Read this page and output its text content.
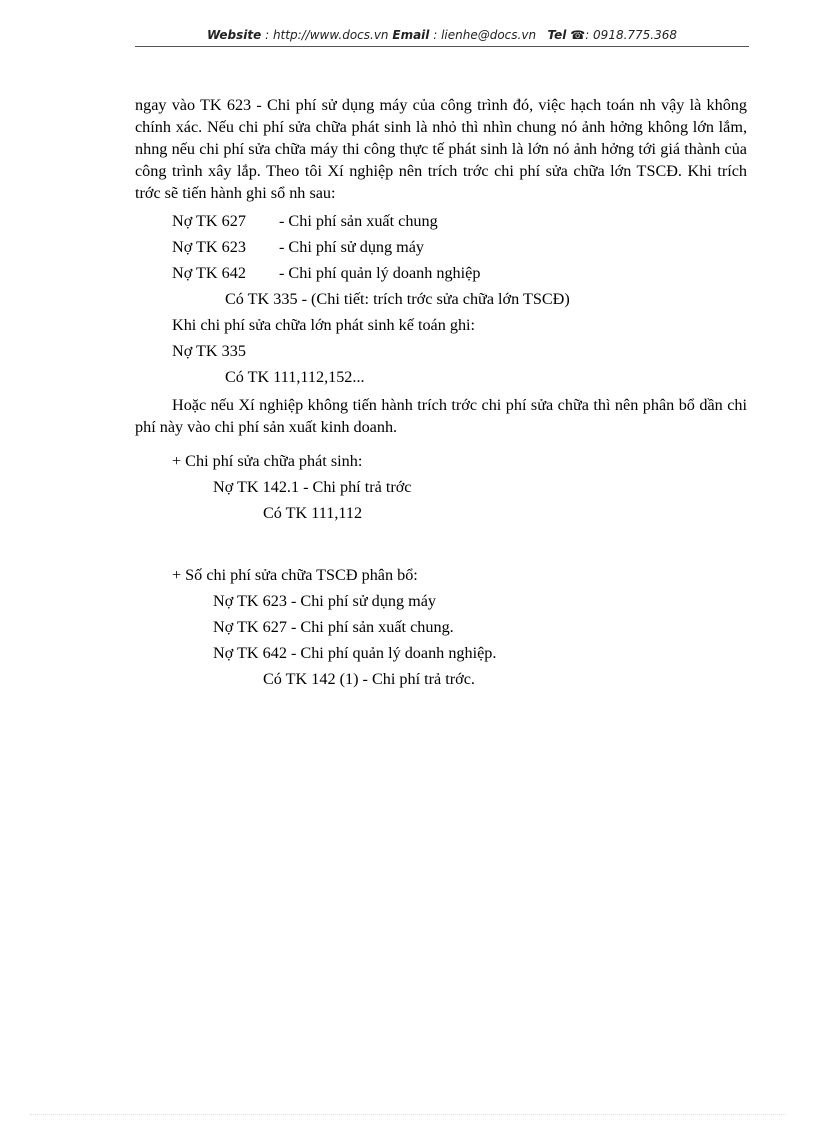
Website : http://www.docs.vn Email : lienhe@docs.vn Tel ☎: 0918.775.368

ngay vào TK 623 - Chi phí sử dụng máy của công trình đó, việc hạch toán nh vậy là không chính xác. Nếu chi phí sửa chữa phát sinh là nhỏ thì nhìn chung nó ảnh hởng không lớn lắm, nhng nếu chi phí sửa chữa máy thi công thực tế phát sinh là lớn nó ảnh hởng tới giá thành của công trình xây lắp. Theo tôi Xí nghiệp nên trích trớc chi phí sửa chữa lớn TSCĐ. Khi trích trớc sẽ tiến hành ghi sổ nh sau:

Nợ TK 627 - Chi phí sản xuất chung
Nợ TK 623 - Chi phí sử dụng máy
Nợ TK 642 - Chi phí quản lý doanh nghiệp
Có TK 335 - (Chi tiết: trích trớc sửa chữa lớn TSCĐ)
Khi chi phí sửa chữa lớn phát sinh kế toán ghi:
Nợ TK 335
Có TK 111,112,152...

Hoặc nếu Xí nghiệp không tiến hành trích trớc chi phí sửa chữa thì nên phân bổ dần chi phí này vào chi phí sản xuất kinh doanh.

+ Chi phí sửa chữa phát sinh:
Nợ TK 142.1 - Chi phí trả trớc
Có TK 111,112
+ Số chi phí sửa chữa TSCĐ phân bổ:
Nợ TK 623 - Chi phí sử dụng máy
Nợ TK 627 - Chi phí sản xuất chung.
Nợ TK 642 - Chi phí quản lý doanh nghiệp.
Có TK 142 (1) - Chi phí trả trớc.
